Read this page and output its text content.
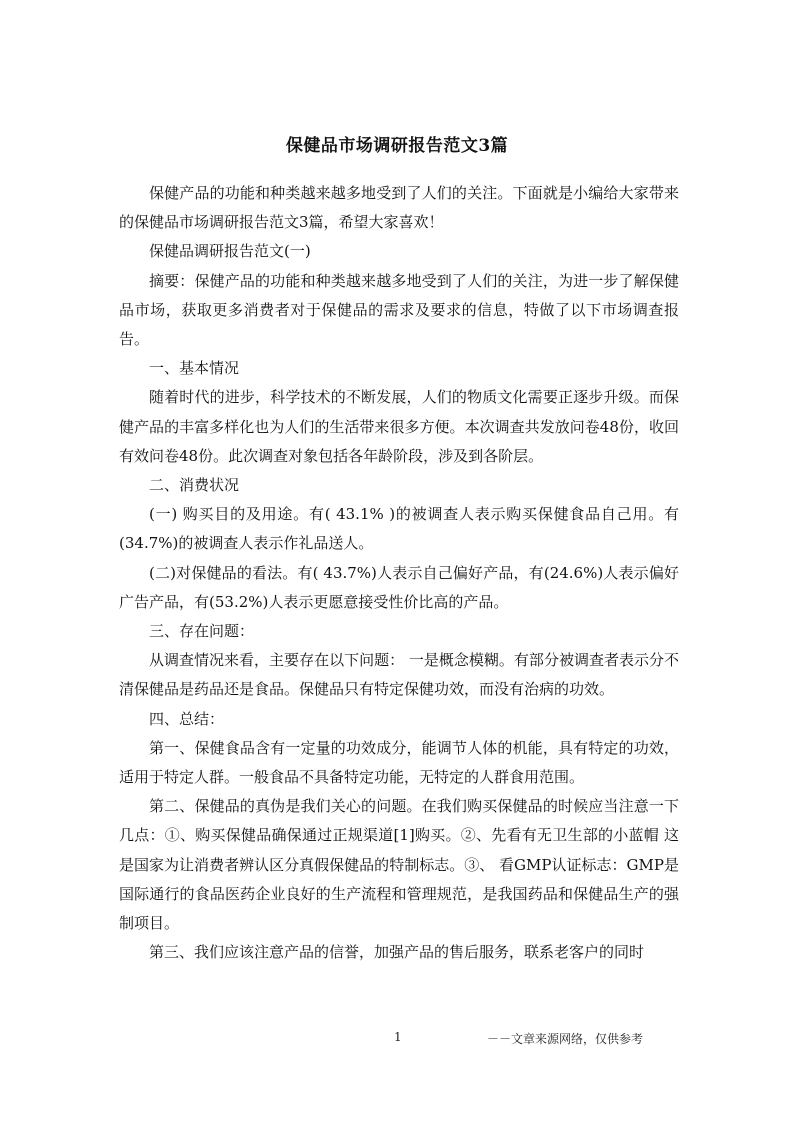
保健品市场调研报告范文3篇

保健产品的功能和种类越来越多地受到了人们的关注。下面就是小编给大家带来的保健品市场调研报告范文3篇，希望大家喜欢！

保健品调研报告范文(一)

摘要：保健产品的功能和种类越来越多地受到了人们的关注，为进一步了解保健品市场，获取更多消费者对于保健品的需求及要求的信息，特做了以下市场调查报告。

一、基本情况

随着时代的进步，科学技术的不断发展，人们的物质文化需要正逐步升级。而保健产品的丰富多样化也为人们的生活带来很多方便。本次调查共发放问卷48份，收回有效问卷48份。此次调查对象包括各年龄阶段，涉及到各阶层。

二、消费状况

(一) 购买目的及用途。有( 43.1% )的被调查人表示购买保健食品自己用。有(34.7%)的被调查人表示作礼品送人。

(二)对保健品的看法。有( 43.7%)人表示自己偏好产品，有(24.6%)人表示偏好广告产品，有(53.2%)人表示更愿意接受性价比高的产品。

三、存在问题：

从调查情况来看，主要存在以下问题： 一是概念模糊。有部分被调查者表示分不清保健品是药品还是食品。保健品只有特定保健功效，而没有治病的功效。

四、总结：

第一、保健食品含有一定量的功效成分，能调节人体的机能，具有特定的功效，适用于特定人群。一般食品不具备特定功能，无特定的人群食用范围。

第二、保健品的真伪是我们关心的问题。在我们购买保健品的时候应当注意一下几点：①、购买保健品确保通过正规渠道[1]购买。②、先看有无卫生部的小蓝帽 这是国家为让消费者辨认区分真假保健品的特制标志。③、 看GMP认证标志：GMP是国际通行的食品医药企业良好的生产流程和管理规范，是我国药品和保健品生产的强制项目。

第三、我们应该注意产品的信誉，加强产品的售后服务，联系老客户的同时

1	－－文章来源网络，仅供参考
